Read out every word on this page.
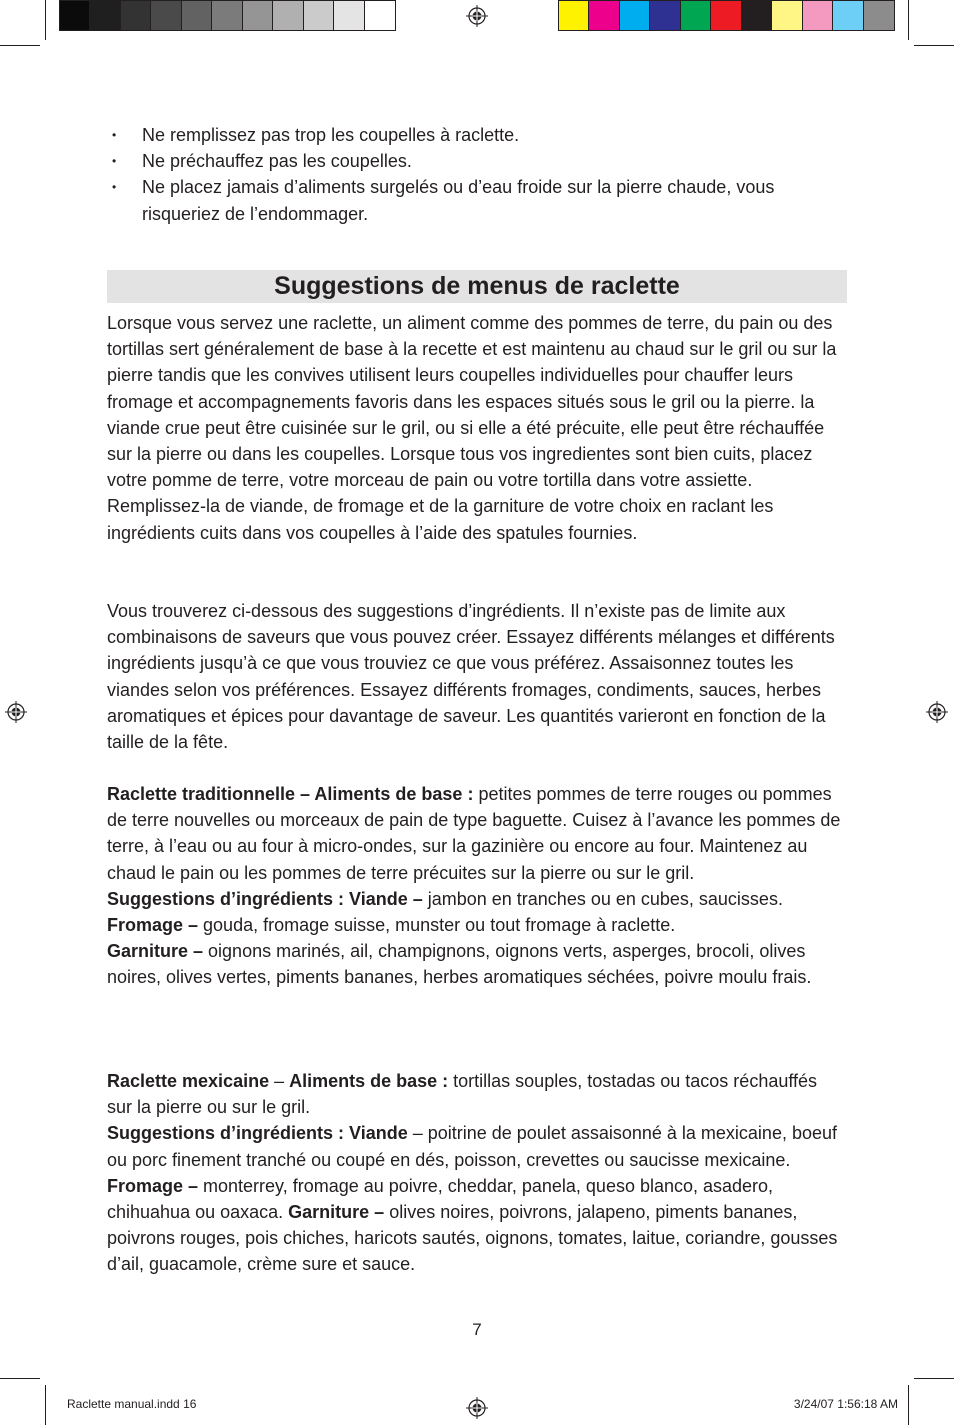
• Ne remplissez pas trop les coupelles à raclette.
• Ne préchauffez pas les coupelles.
• Ne placez jamais d’aliments surgelés ou d’eau froide sur la pierre chaude, vous risqueriez de l’endommager.
Suggestions de menus de raclette

Lorsque vous servez une raclette, un aliment comme des pommes de terre, du pain ou des tortillas sert généralement de base à la recette et est maintenu au chaud sur le gril ou sur la pierre tandis que les convives utilisent leurs coupelles individuelles pour chauffer leurs fromage et accompagnements favoris dans les espaces situés sous le gril ou la pierre. la viande crue peut être cuisinée sur le gril, ou si elle a été précuite, elle peut être réchauffée sur la pierre ou dans les coupelles. Lorsque tous vos ingredientes sont bien cuits, placez votre pomme de terre, votre morceau de pain ou votre tortilla dans votre assiette. Remplissez-la de viande, de fromage et de la garniture de votre choix en raclant les ingrédients cuits dans vos coupelles à l’aide des spatules fournies.

Vous trouverez ci-dessous des suggestions d’ingrédients. Il n’existe pas de limite aux combinaisons de saveurs que vous pouvez créer. Essayez différents mélanges et différents ingrédients jusqu’à ce que vous trouviez ce que vous préférez. Assaisonnez toutes les viandes selon vos préférences. Essayez différents fromages, condiments, sauces, herbes aromatiques et épices pour davantage de saveur. Les quantités varieront en fonction de la taille de la fête.

Raclette traditionnelle – Aliments de base : petites pommes de terre rouges ou pommes de terre nouvelles ou morceaux de pain de type baguette. Cuisez à l’avance les pommes de terre, à l’eau ou au four à micro-ondes, sur la gazinière ou encore au four. Maintenez au chaud le pain ou les pommes de terre précuites sur la pierre ou sur le gril.

Suggestions d’ingrédients : Viande – jambon en tranches ou en cubes, saucisses. Fromage – gouda, fromage suisse, munster ou tout fromage à raclette.
Garniture – oignons marinés, ail, champignons, oignons verts, asperges, brocoli, olives noires, olives vertes, piments bananes, herbes aromatiques séchées, poivre moulu frais.

Raclette mexicaine – Aliments de base : tortillas souples, tostadas ou tacos réchauffés sur la pierre ou sur le gril.

Suggestions d’ingrédients : Viande – poitrine de poulet assaisonné à la mexicaine, boeuf ou porc finement tranché ou coupé en dés, poisson, crevettes ou saucisse mexicaine. Fromage – monterrey, fromage au poivre, cheddar, panela, queso blanco, asadero, chihuahua ou oaxaca. Garniture – olives noires, poivrons, jalapeno, piments bananes, poivrons rouges, pois chiches, haricots sautés, oignons, tomates, laitue, coriandre, gousses d’ail, guacamole, crème sure et sauce.

7
Raclette manual.indd 16	3/24/07 1:56:18 AM
